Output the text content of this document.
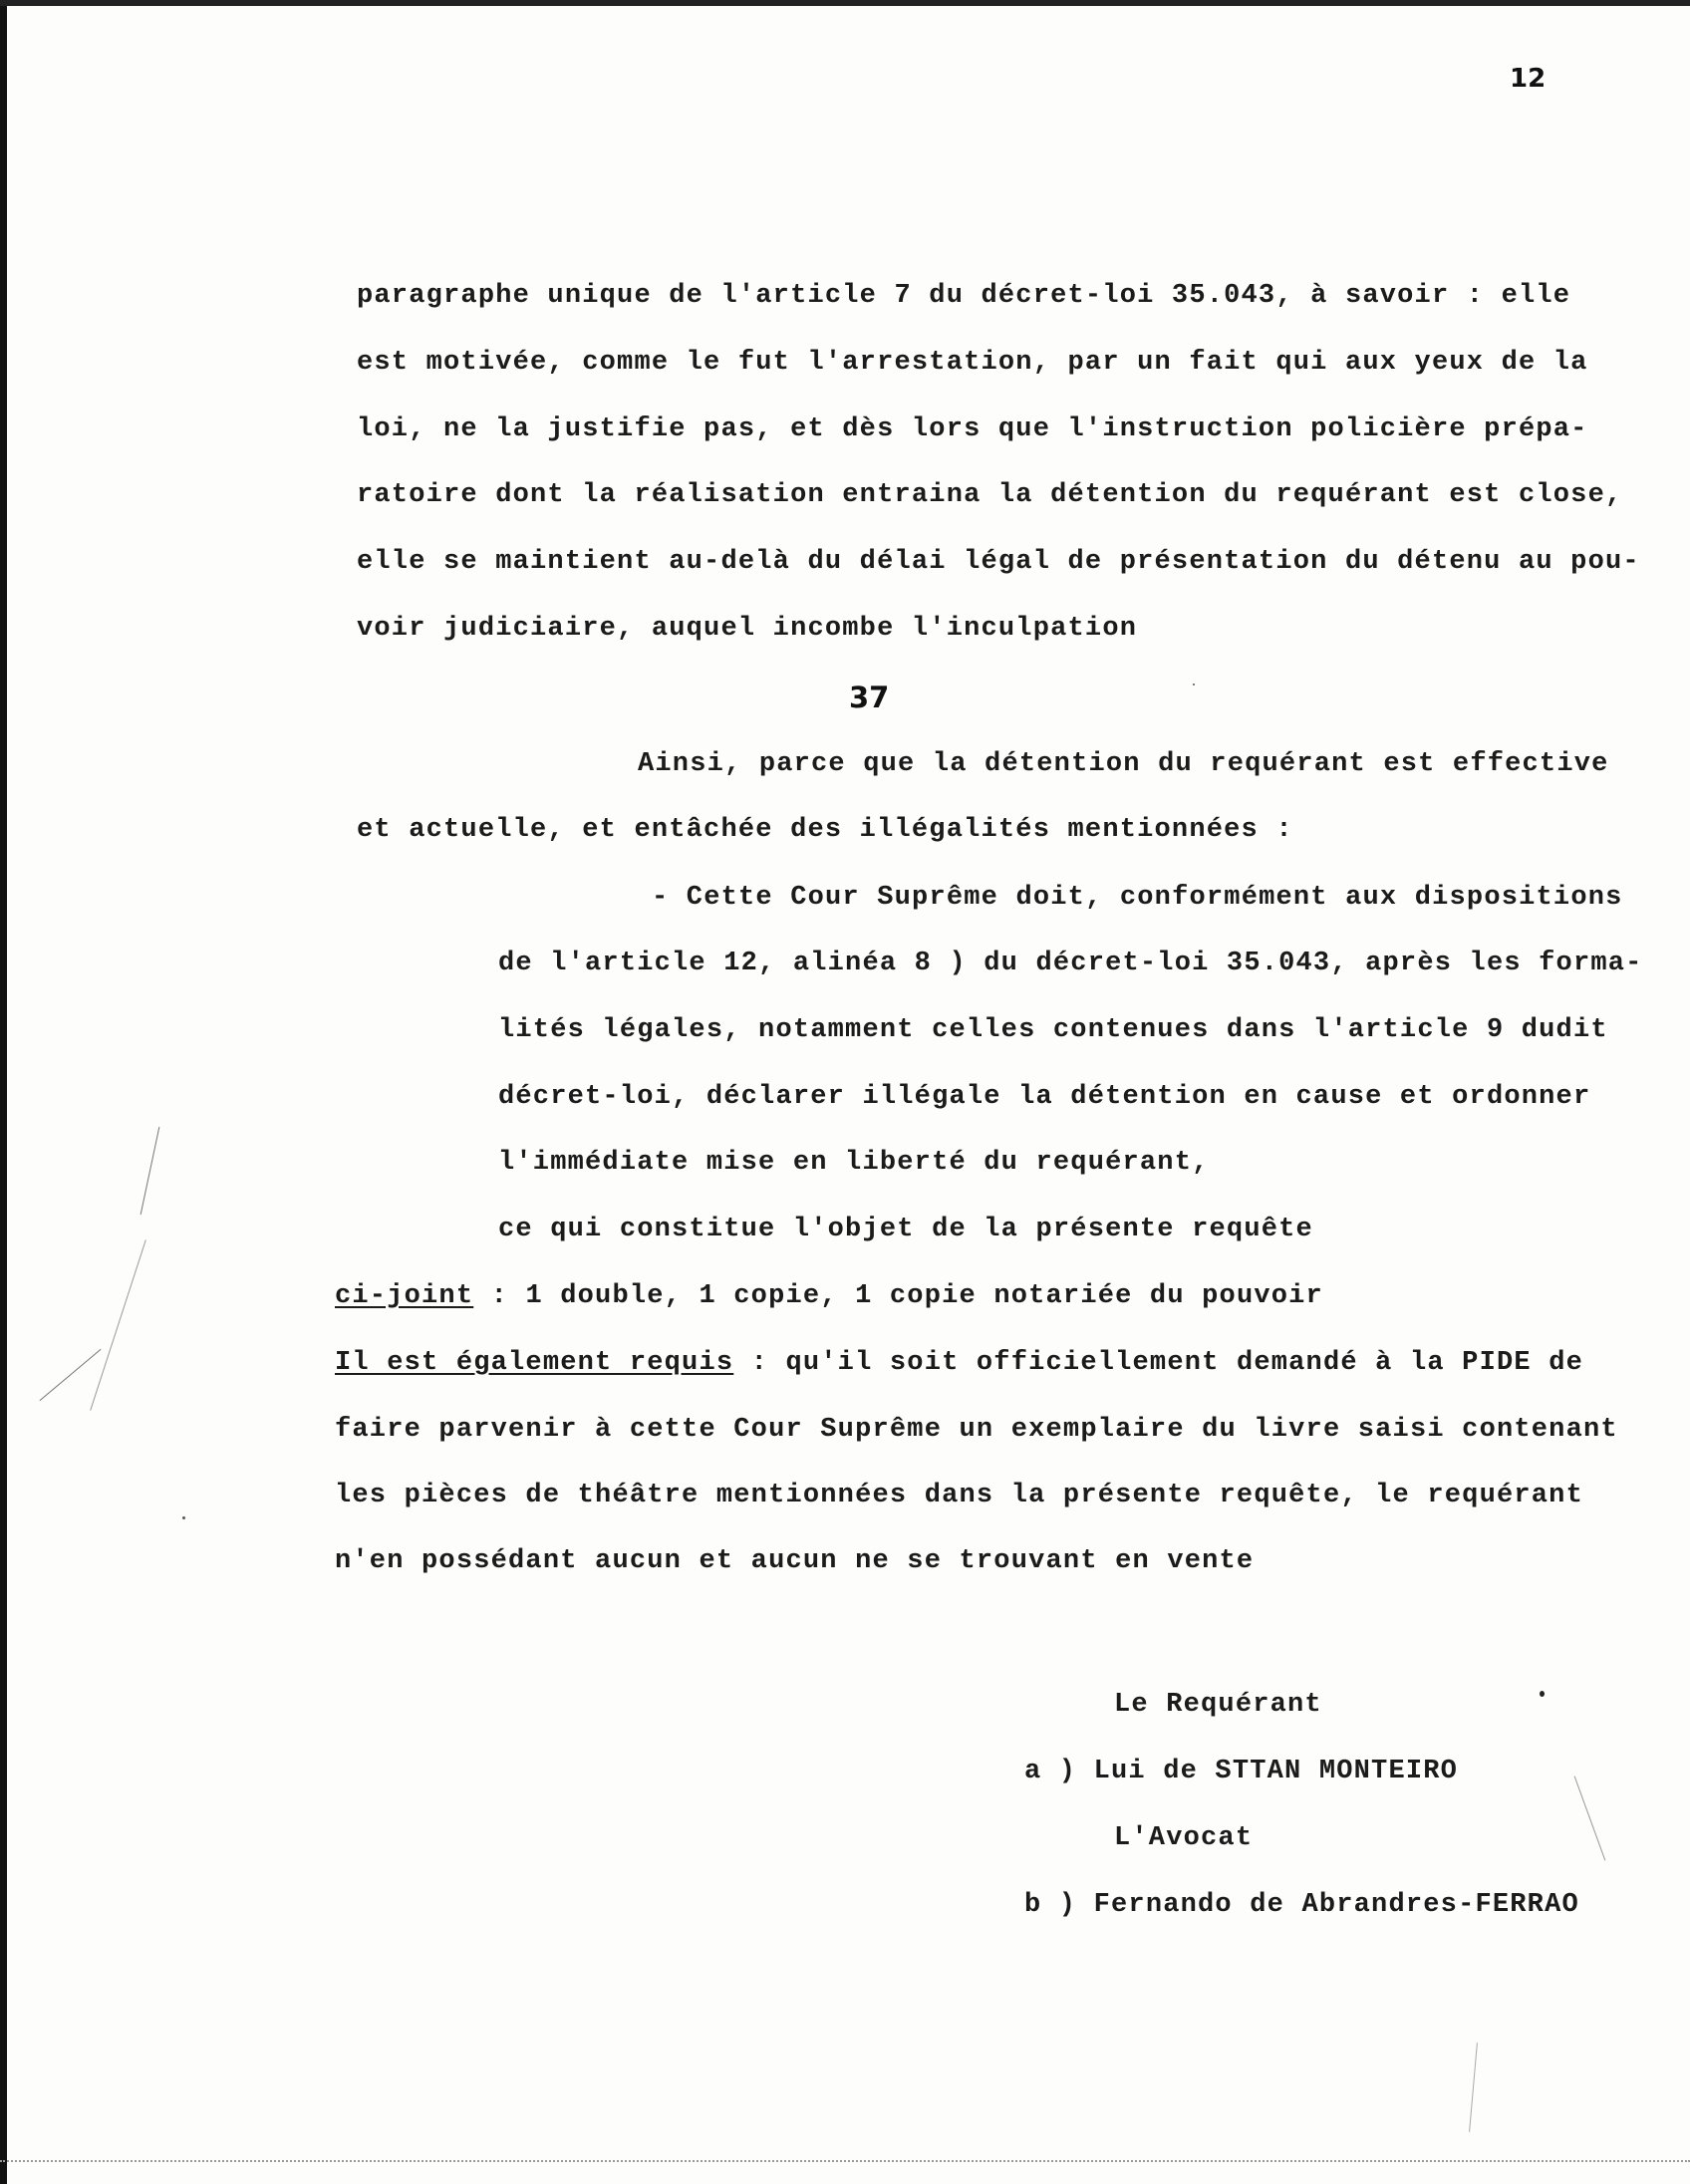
12
paragraphe unique de l'article 7 du décret-loi 35.043, à savoir : elle
est motivée, comme le fut l'arrestation, par un fait qui aux yeux de la
loi, ne la justifie pas, et dès lors que l'instruction policière prépa-
ratoire dont la réalisation entraina la détention du requérant est close,
elle se maintient au-delà du délai légal de présentation du détenu au pou-
voir judiciaire, auquel incombe l'inculpation
37
Ainsi, parce que la détention du requérant est effective
et actuelle, et entâchée des illégalités mentionnées :
- Cette Cour Suprême doit, conformément aux dispositions
de l'article 12, alinéa 8 ) du décret-loi 35.043, après les forma-
lités légales, notamment celles contenues dans l'article 9 dudit
décret-loi, déclarer illégale la détention en cause et ordonner
l'immédiate mise en liberté du requérant,
ce qui constitue l'objet de la présente requête
ci-joint : 1 double, 1 copie, 1 copie notariée du pouvoir
Il est également requis : qu'il soit officiellement demandé à la PIDE de
faire parvenir à cette Cour Suprême un exemplaire du livre saisi contenant
les pièces de théâtre mentionnées dans la présente requête, le requérant
n'en possédant aucun et aucun ne se trouvant en vente
Le Requérant
a ) Lui de STTAN MONTEIRO
L'Avocat
b ) Fernando de Abrandres-FERRAO
